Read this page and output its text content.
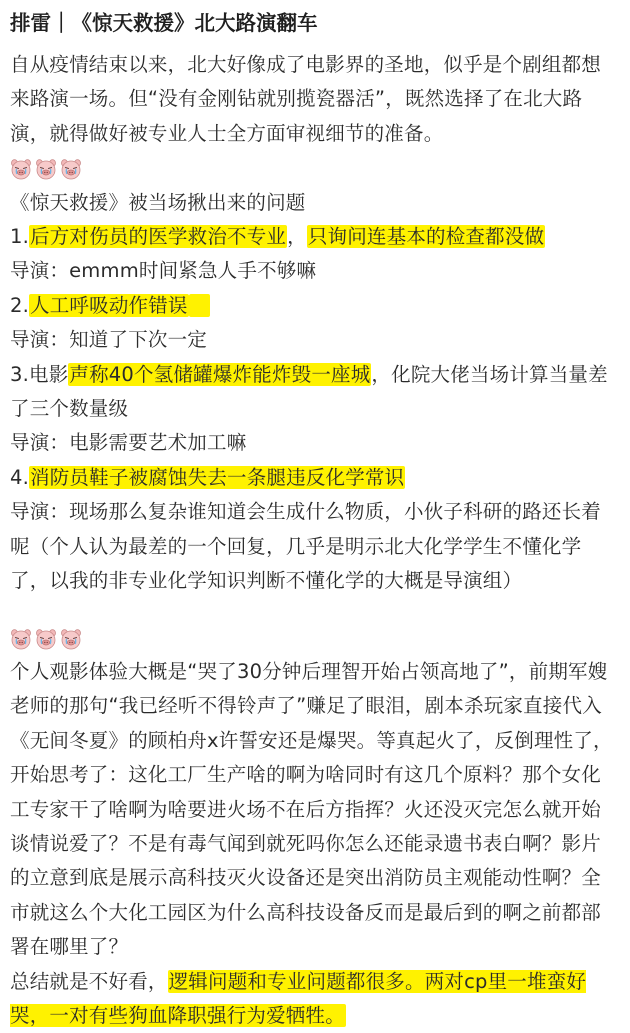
排雷｜《惊天救援》北大路演翻车

自从疫情结束以来，北大好像成了电影界的圣地，似乎是个剧组都想来路演一场。但“没有金刚钻就别揽瓷器活”，既然选择了在北大路演，就得做好被专业人士全方面审视细节的准备。

《惊天救援》被当场揪出来的问题

1.后方对伤员的医学救治不专业，只询问连基本的检查都没做

导演：emmm时间紧急人手不够嘛

2.人工呼吸动作错误 

导演：知道了下次一定

3.电影声称40个氢储罐爆炸能炸毁一座城，化院大佬当场计算当量差了三个数量级

导演：电影需要艺术加工嘛

4.消防员鞋子被腐蚀失去一条腿违反化学常识

导演：现场那么复杂谁知道会生成什么物质，小伙子科研的路还长着呢（个人认为最差的一个回复，几乎是明示北大化学学生不懂化学了，以我的非专业化学知识判断不懂化学的大概是导演组）

个人观影体验大概是“哭了30分钟后理智开始占领高地了”，前期军嫂老师的那句“我已经听不得铃声了”赚足了眼泪，剧本杀玩家直接代入《无间冬夏》的顾柏舟x许誓安还是爆哭。等真起火了，反倒理性了，开始思考了：这化工厂生产啥的啊为啥同时有这几个原料？那个女化工专家干了啥啊为啥要进火场不在后方指挥？火还没灭完怎么就开始谈情说爱了？不是有毒气闻到就死吗你怎么还能录遗书表白啊？影片的立意到底是展示高科技灭火设备还是突出消防员主观能动性啊？全市就这么个大化工园区为什么高科技设备反而是最后到的啊之前都部署在哪里了？

总结就是不好看，逻辑问题和专业问题都很多。两对cp里一堆蛮好哭，一对有些狗血降职强行为爱牺牲。
